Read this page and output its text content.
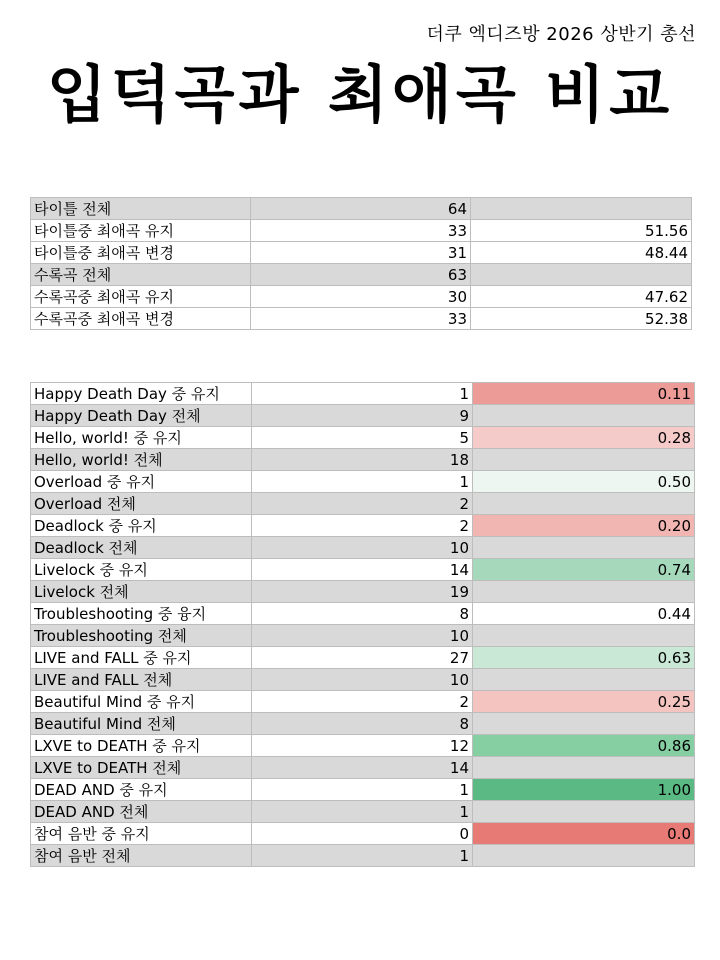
더쿠 엑디즈방 2026 상반기 총선
입덕곡과 최애곡 비교
타이틀 전체	64	
타이틀중 최애곡 유지	33	51.56
타이틀중 최애곡 변경	31	48.44
수록곡 전체	63	
수록곡중 최애곡 유지	30	47.62
수록곡중 최애곡 변경	33	52.38
Happy Death Day 중 유지	1	0.11
Happy Death Day 전체	9	
Hello, world! 중 유지	5	0.28
Hello, world! 전체	18	
Overload 중 유지	1	0.50
Overload 전체	2	
Deadlock 중 유지	2	0.20
Deadlock 전체	10	
Livelock 중 유지	14	0.74
Livelock 전체	19	
Troubleshooting 중 융지	8	0.44
Troubleshooting 전체	10	
LIVE and FALL 중 유지	27	0.63
LIVE and FALL 전체	10	
Beautiful Mind 중 유지	2	0.25
Beautiful Mind 전체	8	
LXVE to DEATH 중 유지	12	0.86
LXVE to DEATH 전체	14	
DEAD AND 중 유지	1	1.00
DEAD AND 전체	1	
참여 음반 중 유지	0	0.0
참여 음반 전체	1	
